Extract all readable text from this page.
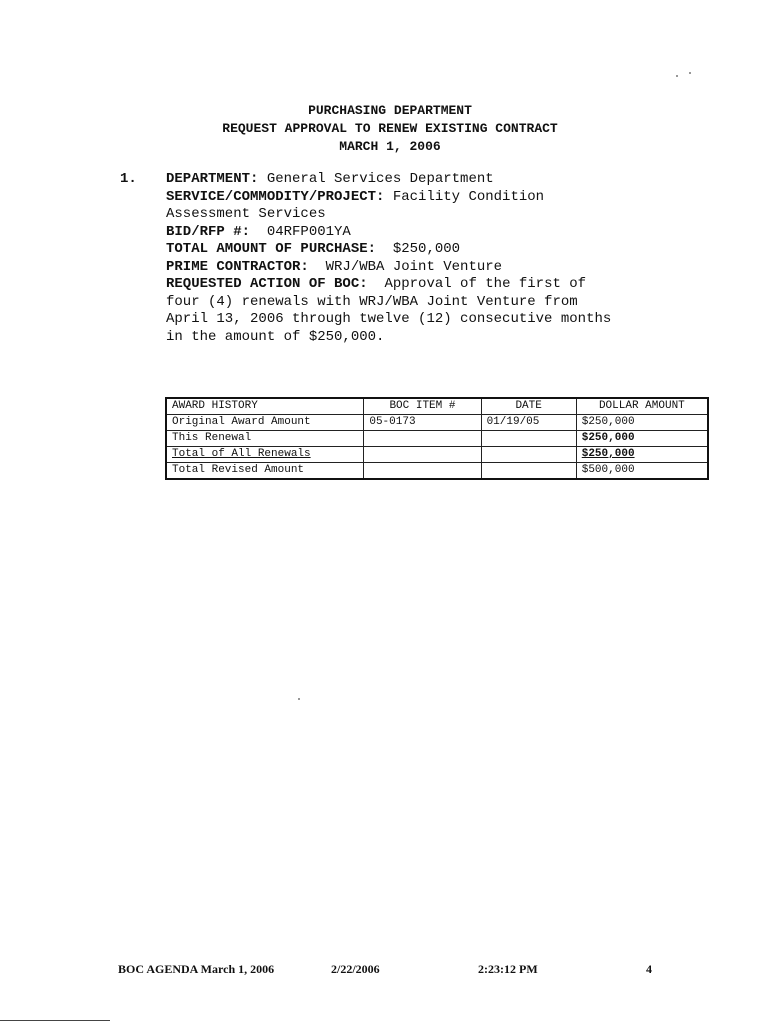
PURCHASING DEPARTMENT
REQUEST APPROVAL TO RENEW EXISTING CONTRACT
MARCH 1, 2006
1. DEPARTMENT: General Services Department
SERVICE/COMMODITY/PROJECT: Facility Condition
Assessment Services
BID/RFP #:  04RFP001YA
TOTAL AMOUNT OF PURCHASE:  $250,000
PRIME CONTRACTOR:  WRJ/WBA Joint Venture
REQUESTED ACTION OF BOC:  Approval of the first of
four (4) renewals with WRJ/WBA Joint Venture from
April 13, 2006 through twelve (12) consecutive months
in the amount of $250,000.
AWARD HISTORY	BOC ITEM #	DATE	DOLLAR AMOUNT
Original Award Amount	05-0173	01/19/05	$250,000
This Renewal			$250,000
Total of All Renewals			$250,000
Total Revised Amount			$500,000
BOC AGENDA March 1, 2006	2/22/2006	2:23:12 PM	4
